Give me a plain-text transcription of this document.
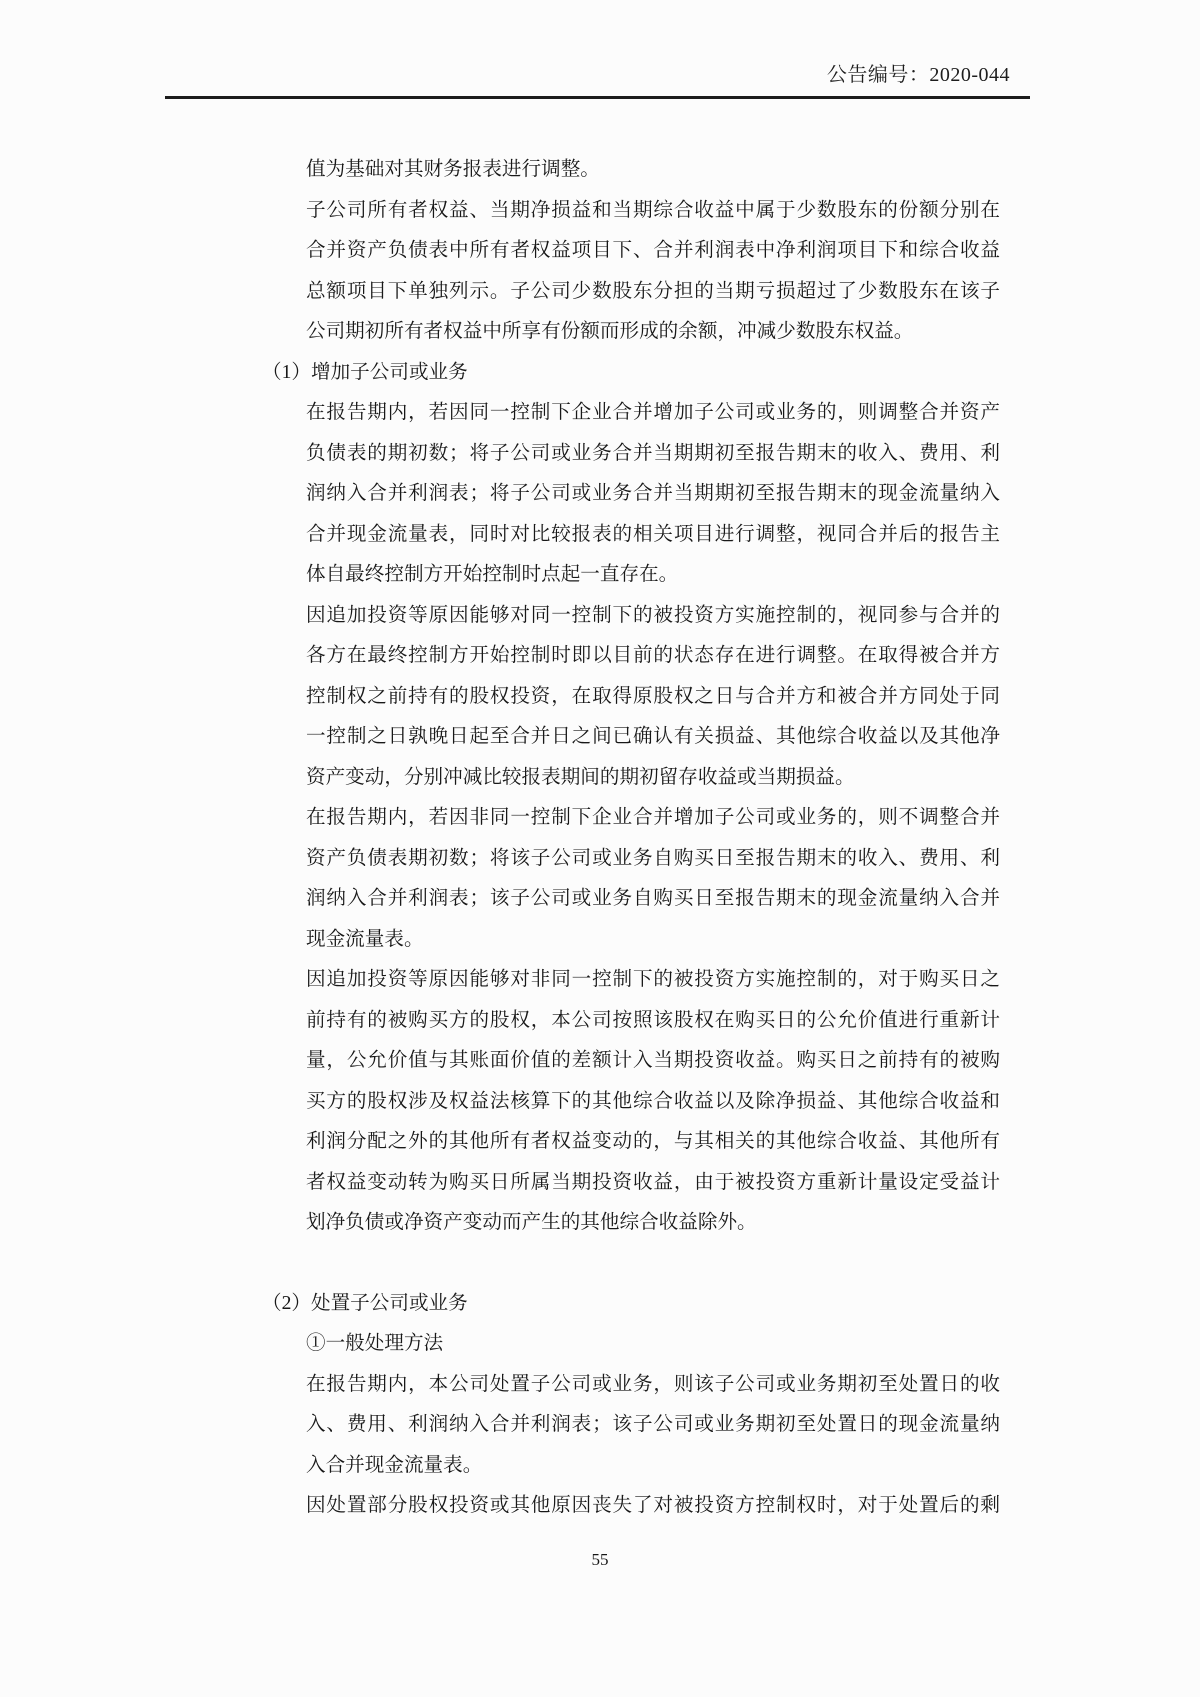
公告编号：2020-044
值为基础对其财务报表进行调整。
子公司所有者权益、当期净损益和当期综合收益中属于少数股东的份额分别在
合并资产负债表中所有者权益项目下、合并利润表中净利润项目下和综合收益
总额项目下单独列示。子公司少数股东分担的当期亏损超过了少数股东在该子
公司期初所有者权益中所享有份额而形成的余额，冲减少数股东权益。
（1）增加子公司或业务
在报告期内，若因同一控制下企业合并增加子公司或业务的，则调整合并资产
负债表的期初数；将子公司或业务合并当期期初至报告期末的收入、费用、利
润纳入合并利润表；将子公司或业务合并当期期初至报告期末的现金流量纳入
合并现金流量表，同时对比较报表的相关项目进行调整，视同合并后的报告主
体自最终控制方开始控制时点起一直存在。
因追加投资等原因能够对同一控制下的被投资方实施控制的，视同参与合并的
各方在最终控制方开始控制时即以目前的状态存在进行调整。在取得被合并方
控制权之前持有的股权投资，在取得原股权之日与合并方和被合并方同处于同
一控制之日孰晚日起至合并日之间已确认有关损益、其他综合收益以及其他净
资产变动，分别冲减比较报表期间的期初留存收益或当期损益。
在报告期内，若因非同一控制下企业合并增加子公司或业务的，则不调整合并
资产负债表期初数；将该子公司或业务自购买日至报告期末的收入、费用、利
润纳入合并利润表；该子公司或业务自购买日至报告期末的现金流量纳入合并
现金流量表。
因追加投资等原因能够对非同一控制下的被投资方实施控制的，对于购买日之
前持有的被购买方的股权，本公司按照该股权在购买日的公允价值进行重新计
量，公允价值与其账面价值的差额计入当期投资收益。购买日之前持有的被购
买方的股权涉及权益法核算下的其他综合收益以及除净损益、其他综合收益和
利润分配之外的其他所有者权益变动的，与其相关的其他综合收益、其他所有
者权益变动转为购买日所属当期投资收益，由于被投资方重新计量设定受益计
划净负债或净资产变动而产生的其他综合收益除外。
（2）处置子公司或业务
①一般处理方法
在报告期内，本公司处置子公司或业务，则该子公司或业务期初至处置日的收
入、费用、利润纳入合并利润表；该子公司或业务期初至处置日的现金流量纳
入合并现金流量表。
因处置部分股权投资或其他原因丧失了对被投资方控制权时，对于处置后的剩
55
